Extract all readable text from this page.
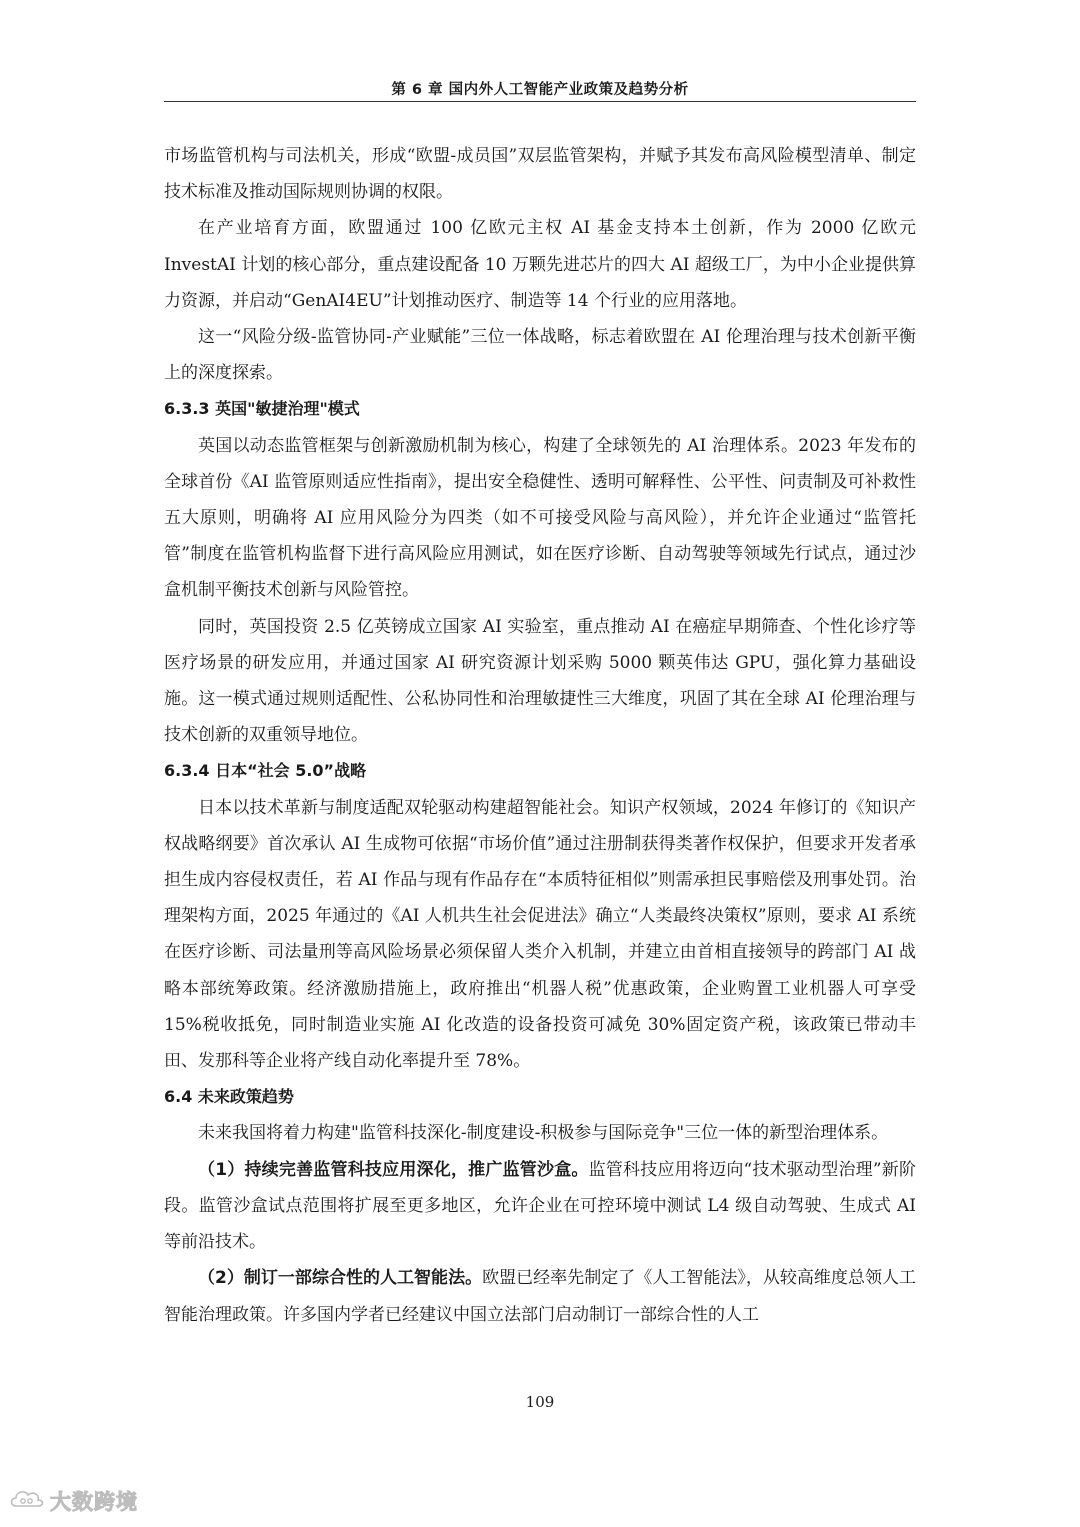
第 6 章 国内外人工智能产业政策及趋势分析

市场监管机构与司法机关，形成“欧盟-成员国”双层监管架构，并赋予其发布高风险模型清单、制定技术标准及推动国际规则协调的权限。

在产业培育方面，欧盟通过 100 亿欧元主权 AI 基金支持本土创新，作为 2000 亿欧元 InvestAI 计划的核心部分，重点建设配备 10 万颗先进芯片的四大 AI 超级工厂，为中小企业提供算力资源，并启动“GenAI4EU”计划推动医疗、制造等 14 个行业的应用落地。

这一“风险分级-监管协同-产业赋能”三位一体战略，标志着欧盟在 AI 伦理治理与技术创新平衡上的深度探索。

6.3.3 英国"敏捷治理"模式

英国以动态监管框架与创新激励机制为核心，构建了全球领先的 AI 治理体系。2023 年发布的全球首份《AI 监管原则适应性指南》，提出安全稳健性、透明可解释性、公平性、问责制及可补救性五大原则，明确将 AI 应用风险分为四类（如不可接受风险与高风险），并允许企业通过“监管托管”制度在监管机构监督下进行高风险应用测试，如在医疗诊断、自动驾驶等领域先行试点，通过沙盒机制平衡技术创新与风险管控。

同时，英国投资 2.5 亿英镑成立国家 AI 实验室，重点推动 AI 在癌症早期筛查、个性化诊疗等医疗场景的研发应用，并通过国家 AI 研究资源计划采购 5000 颗英伟达 GPU，强化算力基础设施。这一模式通过规则适配性、公私协同性和治理敏捷性三大维度，巩固了其在全球 AI 伦理治理与技术创新的双重领导地位。

6.3.4 日本“社会 5.0”战略

日本以技术革新与制度适配双轮驱动构建超智能社会。知识产权领域，2024 年修订的《知识产权战略纲要》首次承认 AI 生成物可依据“市场价值”通过注册制获得类著作权保护，但要求开发者承担生成内容侵权责任，若 AI 作品与现有作品存在“本质特征相似”则需承担民事赔偿及刑事处罚。治理架构方面，2025 年通过的《AI 人机共生社会促进法》确立“人类最终决策权”原则，要求 AI 系统在医疗诊断、司法量刑等高风险场景必须保留人类介入机制，并建立由首相直接领导的跨部门 AI 战略本部统筹政策。经济激励措施上，政府推出“机器人税”优惠政策，企业购置工业机器人可享受 15%税收抵免，同时制造业实施 AI 化改造的设备投资可减免 30%固定资产税，该政策已带动丰田、发那科等企业将产线自动化率提升至 78%。

6.4 未来政策趋势

未来我国将着力构建"监管科技深化-制度建设-积极参与国际竞争"三位一体的新型治理体系。

（1）持续完善监管科技应用深化，推广监管沙盒。监管科技应用将迈向“技术驱动型治理”新阶段。监管沙盒试点范围将扩展至更多地区，允许企业在可控环境中测试 L4 级自动驾驶、生成式 AI 等前沿技术。

（2）制订一部综合性的人工智能法。欧盟已经率先制定了《人工智能法》，从较高维度总领人工智能治理政策。许多国内学者已经建议中国立法部门启动制订一部综合性的人工

109
大数跨境
